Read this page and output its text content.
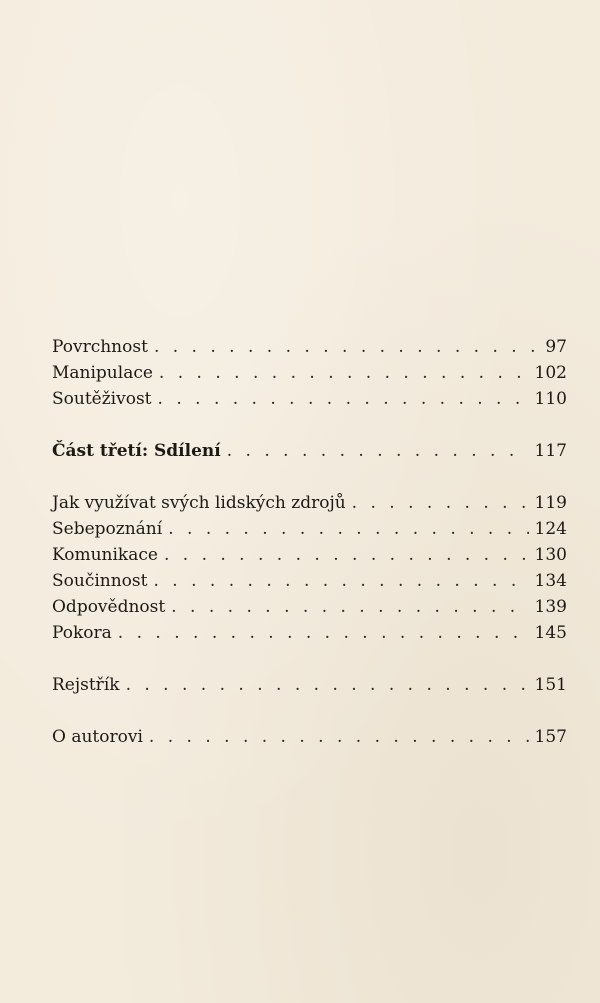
Povrchnost . . .	97
Manipulace . . .	102
Soutěživost . . .	110
Část třetí: Sdílení . . .	117
Jak využívat svých lidských zdrojů . . .	119
Sebepoznání . . .	124
Komunikace . . .	130
Součinnost . . .	134
Odpovědnost . . .	139
Pokora . . .	145
Rejstřík . . .	151
O autorovi . . .	157
